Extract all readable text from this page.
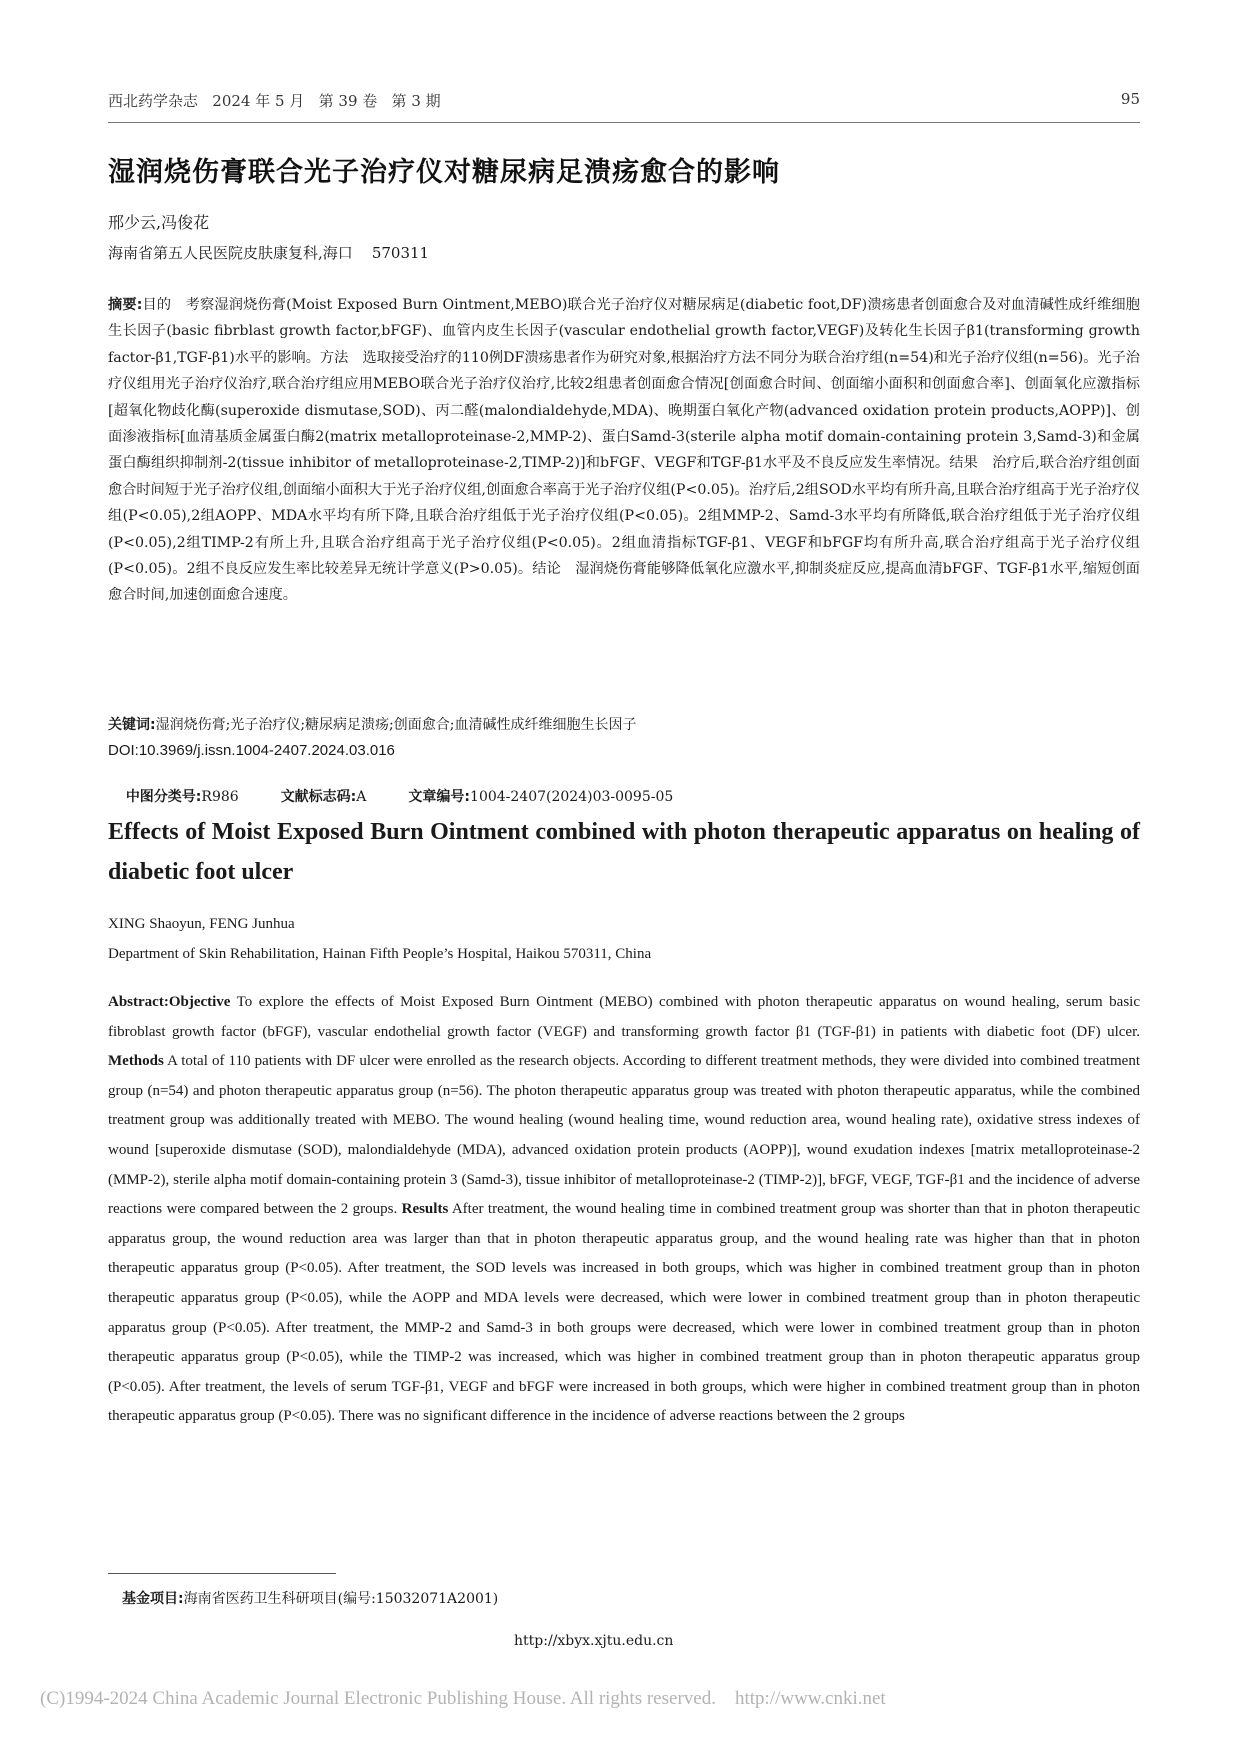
西北药学杂志   2024 年 5 月   第 39 卷   第 3 期	95
湿润烧伤膏联合光子治疗仪对糖尿病足溃疡愈合的影响
邢少云,冯俊花
海南省第五人民医院皮肤康复科,海口    570311
摘要:目的　考察湿润烧伤膏(Moist Exposed Burn Ointment,MEBO)联合光子治疗仪对糖尿病足(diabetic foot,DF)溃疡患者创面愈合及对血清碱性成纤维细胞生长因子(basic fibrblast growth factor,bFGF)、血管内皮生长因子(vascular endothelial growth factor,VEGF)及转化生长因子β1(transforming growth factor-β1,TGF-β1)水平的影响。方法　选取接受治疗的110例DF溃疡患者作为研究对象,根据治疗方法不同分为联合治疗组(n=54)和光子治疗仪组(n=56)。光子治疗仪组用光子治疗仪治疗,联合治疗组应用MEBO联合光子治疗仪治疗,比较2组患者创面愈合情况[创面愈合时间、创面缩小面积和创面愈合率]、创面氧化应激指标[超氧化物歧化酶(superoxide dismutase,SOD)、丙二醛(malondialdehyde,MDA)、晚期蛋白氧化产物(advanced oxidation protein products,AOPP)]、创面渗液指标[血清基质金属蛋白酶2(matrix metalloproteinase-2,MMP-2)、蛋白Samd-3(sterile alpha motif domain-containing protein 3,Samd-3)和金属蛋白酶组织抑制剂-2(tissue inhibitor of metalloproteinase-2,TIMP-2)]和bFGF、VEGF和TGF-β1水平及不良反应发生率情况。结果　治疗后,联合治疗组创面愈合时间短于光子治疗仪组,创面缩小面积大于光子治疗仪组,创面愈合率高于光子治疗仪组(P<0.05)。治疗后,2组SOD水平均有所升高,且联合治疗组高于光子治疗仪组(P<0.05),2组AOPP、MDA水平均有所下降,且联合治疗组低于光子治疗仪组(P<0.05)。2组MMP-2、Samd-3水平均有所降低,联合治疗组低于光子治疗仪组(P<0.05),2组TIMP-2有所上升,且联合治疗组高于光子治疗仪组(P<0.05)。2组血清指标TGF-β1、VEGF和bFGF均有所升高,联合治疗组高于光子治疗仪组(P<0.05)。2组不良反应发生率比较差异无统计学意义(P>0.05)。结论　湿润烧伤膏能够降低氧化应激水平,抑制炎症反应,提高血清bFGF、TGF-β1水平,缩短创面愈合时间,加速创面愈合速度。
关键词:湿润烧伤膏;光子治疗仪;糖尿病足溃疡;创面愈合;血清碱性成纤维细胞生长因子
DOI:10.3969/j.issn.1004-2407.2024.03.016

中图分类号:R986	文献标志码:A	文章编号:1004-2407(2024)03-0095-05

Effects of Moist Exposed Burn Ointment combined with photon therapeutic apparatus on healing of diabetic foot ulcer
XING Shaoyun, FENG Junhua
Department of Skin Rehabilitation, Hainan Fifth People’s Hospital, Haikou 570311, China
Abstract:Objective To explore the effects of Moist Exposed Burn Ointment (MEBO) combined with photon therapeutic apparatus on wound healing, serum basic fibroblast growth factor (bFGF), vascular endothelial growth factor (VEGF) and transforming growth factor β1 (TGF-β1) in patients with diabetic foot (DF) ulcer. Methods A total of 110 patients with DF ulcer were enrolled as the research objects. According to different treatment methods, they were divided into combined treatment group (n=54) and photon therapeutic apparatus group (n=56). The photon therapeutic apparatus group was treated with photon therapeutic apparatus, while the combined treatment group was additionally treated with MEBO. The wound healing (wound healing time, wound reduction area, wound healing rate), oxidative stress indexes of wound [superoxide dismutase (SOD), malondialdehyde (MDA), advanced oxidation protein products (AOPP)], wound exudation indexes [matrix metalloproteinase-2 (MMP-2), sterile alpha motif domain-containing protein 3 (Samd-3), tissue inhibitor of metalloproteinase-2 (TIMP-2)], bFGF, VEGF, TGF-β1 and the incidence of adverse reactions were compared between the 2 groups. Results After treatment, the wound healing time in combined treatment group was shorter than that in photon therapeutic apparatus group, the wound reduction area was larger than that in photon therapeutic apparatus group, and the wound healing rate was higher than that in photon therapeutic apparatus group (P<0.05). After treatment, the SOD levels was increased in both groups, which was higher in combined treatment group than in photon therapeutic apparatus group (P<0.05), while the AOPP and MDA levels were decreased, which were lower in combined treatment group than in photon therapeutic apparatus group (P<0.05). After treatment, the MMP-2 and Samd-3 in both groups were decreased, which were lower in combined treatment group than in photon therapeutic apparatus group (P<0.05), while the TIMP-2 was increased, which was higher in combined treatment group than in photon therapeutic apparatus group (P<0.05). After treatment, the levels of serum TGF-β1, VEGF and bFGF were increased in both groups, which were higher in combined treatment group than in photon therapeutic apparatus group (P<0.05). There was no significant difference in the incidence of adverse reactions between the 2 groups
基金项目:海南省医药卫生科研项目(编号:15032071A2001)
http://xbyx.xjtu.edu.cn
(C)1994-2024 China Academic Journal Electronic Publishing House. All rights reserved.    http://www.cnki.net
